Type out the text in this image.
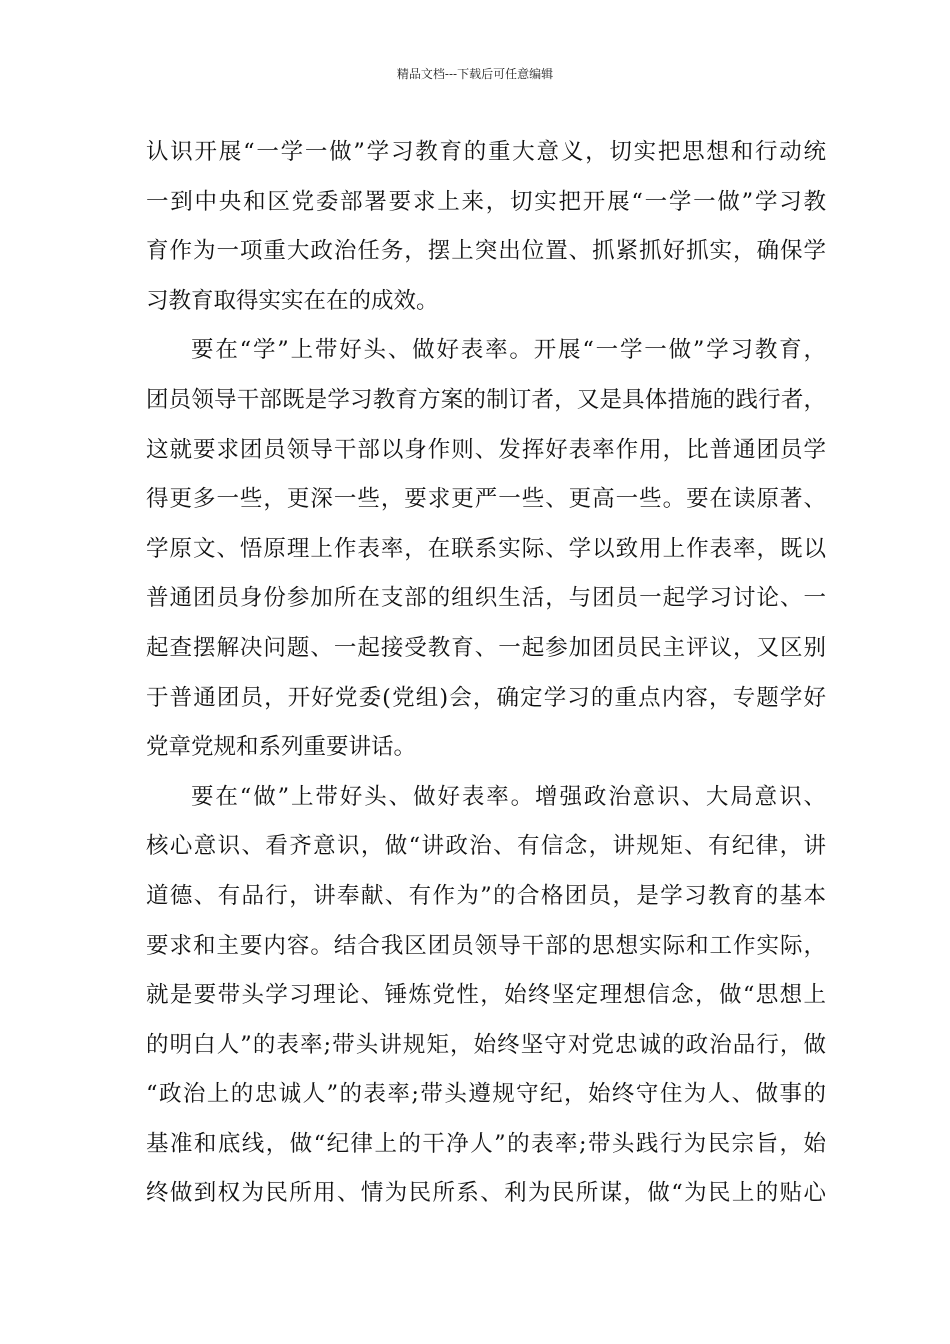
精品文档---下载后可任意编辑
认识开展“一学一做”学习教育的重大意义，切实把思想和行动统
一到中央和区党委部署要求上来，切实把开展“一学一做”学习教
育作为一项重大政治任务，摆上突出位置、抓紧抓好抓实，确保学
习教育取得实实在在的成效。
要在“学”上带好头、做好表率。开展“一学一做”学习教育，
团员领导干部既是学习教育方案的制订者，又是具体措施的践行者，
这就要求团员领导干部以身作则、发挥好表率作用，比普通团员学
得更多一些，更深一些，要求更严一些、更高一些。要在读原著、
学原文、悟原理上作表率，在联系实际、学以致用上作表率，既以
普通团员身份参加所在支部的组织生活，与团员一起学习讨论、一
起查摆解决问题、一起接受教育、一起参加团员民主评议，又区别
于普通团员，开好党委(党组)会，确定学习的重点内容，专题学好
党章党规和系列重要讲话。
要在“做”上带好头、做好表率。增强政治意识、大局意识、
核心意识、看齐意识，做“讲政治、有信念，讲规矩、有纪律，讲
道德、有品行，讲奉献、有作为”的合格团员，是学习教育的基本
要求和主要内容。结合我区团员领导干部的思想实际和工作实际，
就是要带头学习理论、锤炼党性，始终坚定理想信念，做“思想上
的明白人”的表率;带头讲规矩，始终坚守对党忠诚的政治品行，做
“政治上的忠诚人”的表率;带头遵规守纪，始终守住为人、做事的
基准和底线，做“纪律上的干净人”的表率;带头践行为民宗旨，始
终做到权为民所用、情为民所系、利为民所谋，做“为民上的贴心
